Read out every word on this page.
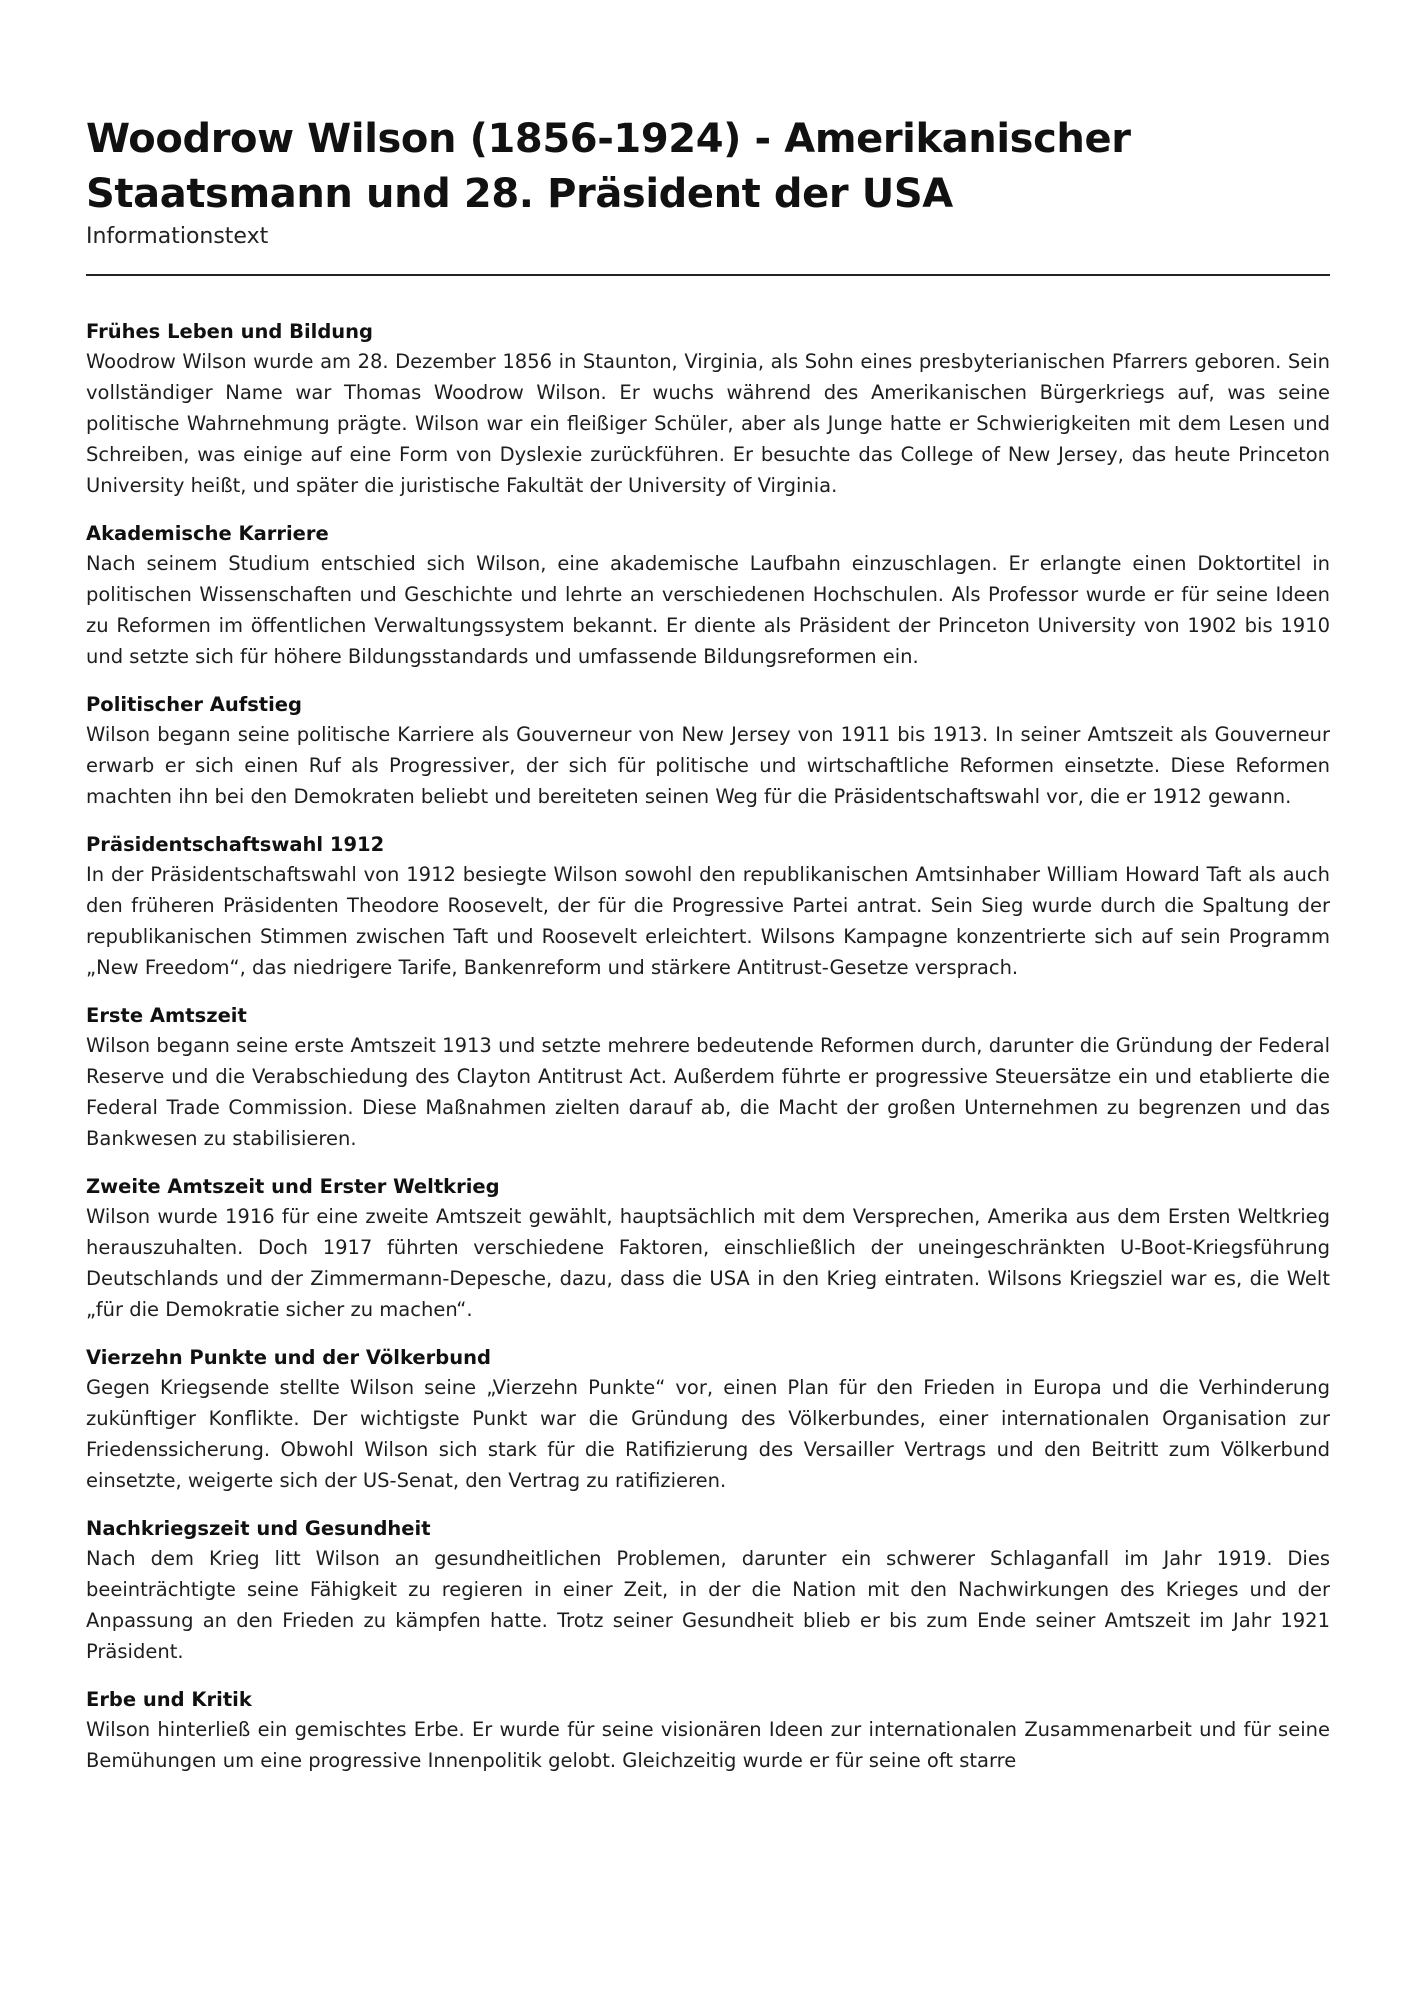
Woodrow Wilson (1856-1924) - Amerikanischer Staatsmann und 28. Präsident der USA

Informationstext

Frühes Leben und Bildung

Woodrow Wilson wurde am 28. Dezember 1856 in Staunton, Virginia, als Sohn eines presbyterianischen Pfarrers geboren. Sein vollständiger Name war Thomas Woodrow Wilson. Er wuchs während des Amerikanischen Bürgerkriegs auf, was seine politische Wahrnehmung prägte. Wilson war ein fleißiger Schüler, aber als Junge hatte er Schwierigkeiten mit dem Lesen und Schreiben, was einige auf eine Form von Dyslexie zurückführen. Er besuchte das College of New Jersey, das heute Princeton University heißt, und später die juristische Fakultät der University of Virginia.

Akademische Karriere

Nach seinem Studium entschied sich Wilson, eine akademische Laufbahn einzuschlagen. Er erlangte einen Doktortitel in politischen Wissenschaften und Geschichte und lehrte an verschiedenen Hochschulen. Als Professor wurde er für seine Ideen zu Reformen im öffentlichen Verwaltungssystem bekannt. Er diente als Präsident der Princeton University von 1902 bis 1910 und setzte sich für höhere Bildungsstandards und umfassende Bildungsreformen ein.

Politischer Aufstieg

Wilson begann seine politische Karriere als Gouverneur von New Jersey von 1911 bis 1913. In seiner Amtszeit als Gouverneur erwarb er sich einen Ruf als Progressiver, der sich für politische und wirtschaftliche Reformen einsetzte. Diese Reformen machten ihn bei den Demokraten beliebt und bereiteten seinen Weg für die Präsidentschaftswahl vor, die er 1912 gewann.

Präsidentschaftswahl 1912

In der Präsidentschaftswahl von 1912 besiegte Wilson sowohl den republikanischen Amtsinhaber William Howard Taft als auch den früheren Präsidenten Theodore Roosevelt, der für die Progressive Partei antrat. Sein Sieg wurde durch die Spaltung der republikanischen Stimmen zwischen Taft und Roosevelt erleichtert. Wilsons Kampagne konzentrierte sich auf sein Programm „New Freedom“, das niedrigere Tarife, Bankenreform und stärkere Antitrust-Gesetze versprach.

Erste Amtszeit

Wilson begann seine erste Amtszeit 1913 und setzte mehrere bedeutende Reformen durch, darunter die Gründung der Federal Reserve und die Verabschiedung des Clayton Antitrust Act. Außerdem führte er progressive Steuersätze ein und etablierte die Federal Trade Commission. Diese Maßnahmen zielten darauf ab, die Macht der großen Unternehmen zu begrenzen und das Bankwesen zu stabilisieren.

Zweite Amtszeit und Erster Weltkrieg

Wilson wurde 1916 für eine zweite Amtszeit gewählt, hauptsächlich mit dem Versprechen, Amerika aus dem Ersten Weltkrieg herauszuhalten. Doch 1917 führten verschiedene Faktoren, einschließlich der uneingeschränkten U-Boot-Kriegsführung Deutschlands und der Zimmermann-Depesche, dazu, dass die USA in den Krieg eintraten. Wilsons Kriegsziel war es, die Welt „für die Demokratie sicher zu machen“.

Vierzehn Punkte und der Völkerbund

Gegen Kriegsende stellte Wilson seine „Vierzehn Punkte“ vor, einen Plan für den Frieden in Europa und die Verhinderung zukünftiger Konflikte. Der wichtigste Punkt war die Gründung des Völkerbundes, einer internationalen Organisation zur Friedenssicherung. Obwohl Wilson sich stark für die Ratifizierung des Versailler Vertrags und den Beitritt zum Völkerbund einsetzte, weigerte sich der US-Senat, den Vertrag zu ratifizieren.

Nachkriegszeit und Gesundheit

Nach dem Krieg litt Wilson an gesundheitlichen Problemen, darunter ein schwerer Schlaganfall im Jahr 1919. Dies beeinträchtigte seine Fähigkeit zu regieren in einer Zeit, in der die Nation mit den Nachwirkungen des Krieges und der Anpassung an den Frieden zu kämpfen hatte. Trotz seiner Gesundheit blieb er bis zum Ende seiner Amtszeit im Jahr 1921 Präsident.

Erbe und Kritik

Wilson hinterließ ein gemischtes Erbe. Er wurde für seine visionären Ideen zur internationalen Zusammenarbeit und für seine Bemühungen um eine progressive Innenpolitik gelobt. Gleichzeitig wurde er für seine oft starre
